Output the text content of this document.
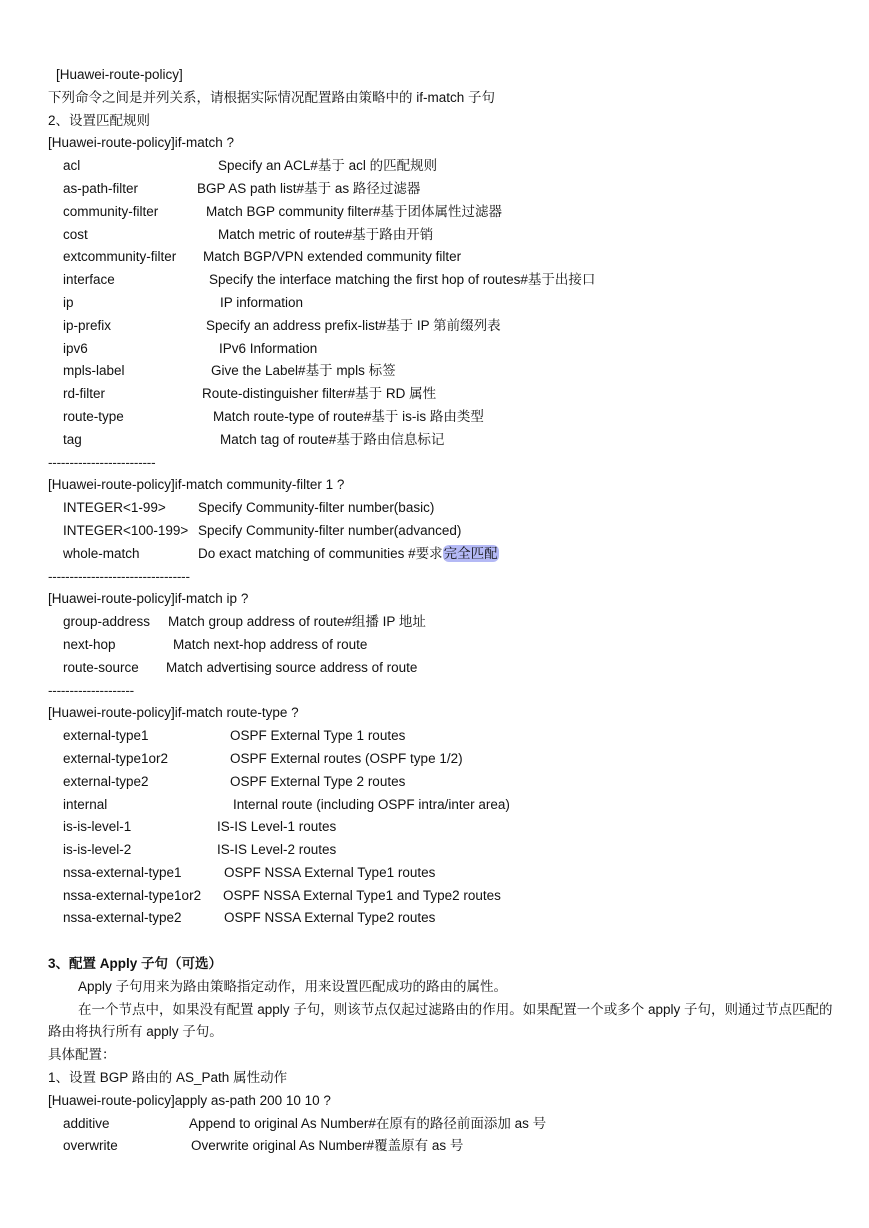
[Huawei-route-policy]
下列命令之间是并列关系，请根据实际情况配置路由策略中的 if-match 子句
2、设置匹配规则
[Huawei-route-policy]if-match ?
acl	Specify an ACL#基于 acl 的匹配规则
as-path-filter	BGP AS path list#基于 as 路径过滤器
community-filter	Match BGP community filter#基于团体属性过滤器
cost	Match metric of route#基于路由开销
extcommunity-filter Match BGP/VPN extended community filter
interface	Specify the interface matching the first hop of routes#基于出接口
ip	IP information
ip-prefix	Specify an address prefix-list#基于 IP 第前缀列表
ipv6	IPv6 Information
mpls-label	Give the Label#基于 mpls 标签
rd-filter	Route-distinguisher filter#基于 RD 属性
route-type	Match route-type of route#基于 is-is 路由类型
tag	Match tag of route#基于路由信息标记
-------------------------
[Huawei-route-policy]if-match community-filter 1 ?
INTEGER<1-99> Specify Community-filter number(basic)
INTEGER<100-199> Specify Community-filter number(advanced)
whole-match	Do exact matching of communities #要求完全匹配
---------------------------------
[Huawei-route-policy]if-match ip ?
group-address Match group address of route#组播 IP 地址
next-hop	Match next-hop address of route
route-source Match advertising source address of route
--------------------
[Huawei-route-policy]if-match route-type ?
external-type1	OSPF External Type 1 routes
external-type1or2	OSPF External routes (OSPF type 1/2)
external-type2	OSPF External Type 2 routes
internal	Internal route (including OSPF intra/inter area)
is-is-level-1	IS-IS Level-1 routes
is-is-level-2	IS-IS Level-2 routes
nssa-external-type1	OSPF NSSA External Type1 routes
nssa-external-type1or2 OSPF NSSA External Type1 and Type2 routes
nssa-external-type2	OSPF NSSA External Type2 routes
3、配置 Apply 子句（可选）
Apply 子句用来为路由策略指定动作，用来设置匹配成功的路由的属性。
在一个节点中，如果没有配置 apply 子句，则该节点仅起过滤路由的作用。如果配置一个或多个 apply 子句，则通过节点匹配的路由将执行所有 apply 子句。
具体配置：
1、设置 BGP 路由的 AS_Path 属性动作
[Huawei-route-policy]apply as-path 200 10 10 ?
additive	Append to original As Number#在原有的路径前面添加 as 号
overwrite	Overwrite original As Number#覆盖原有 as 号
